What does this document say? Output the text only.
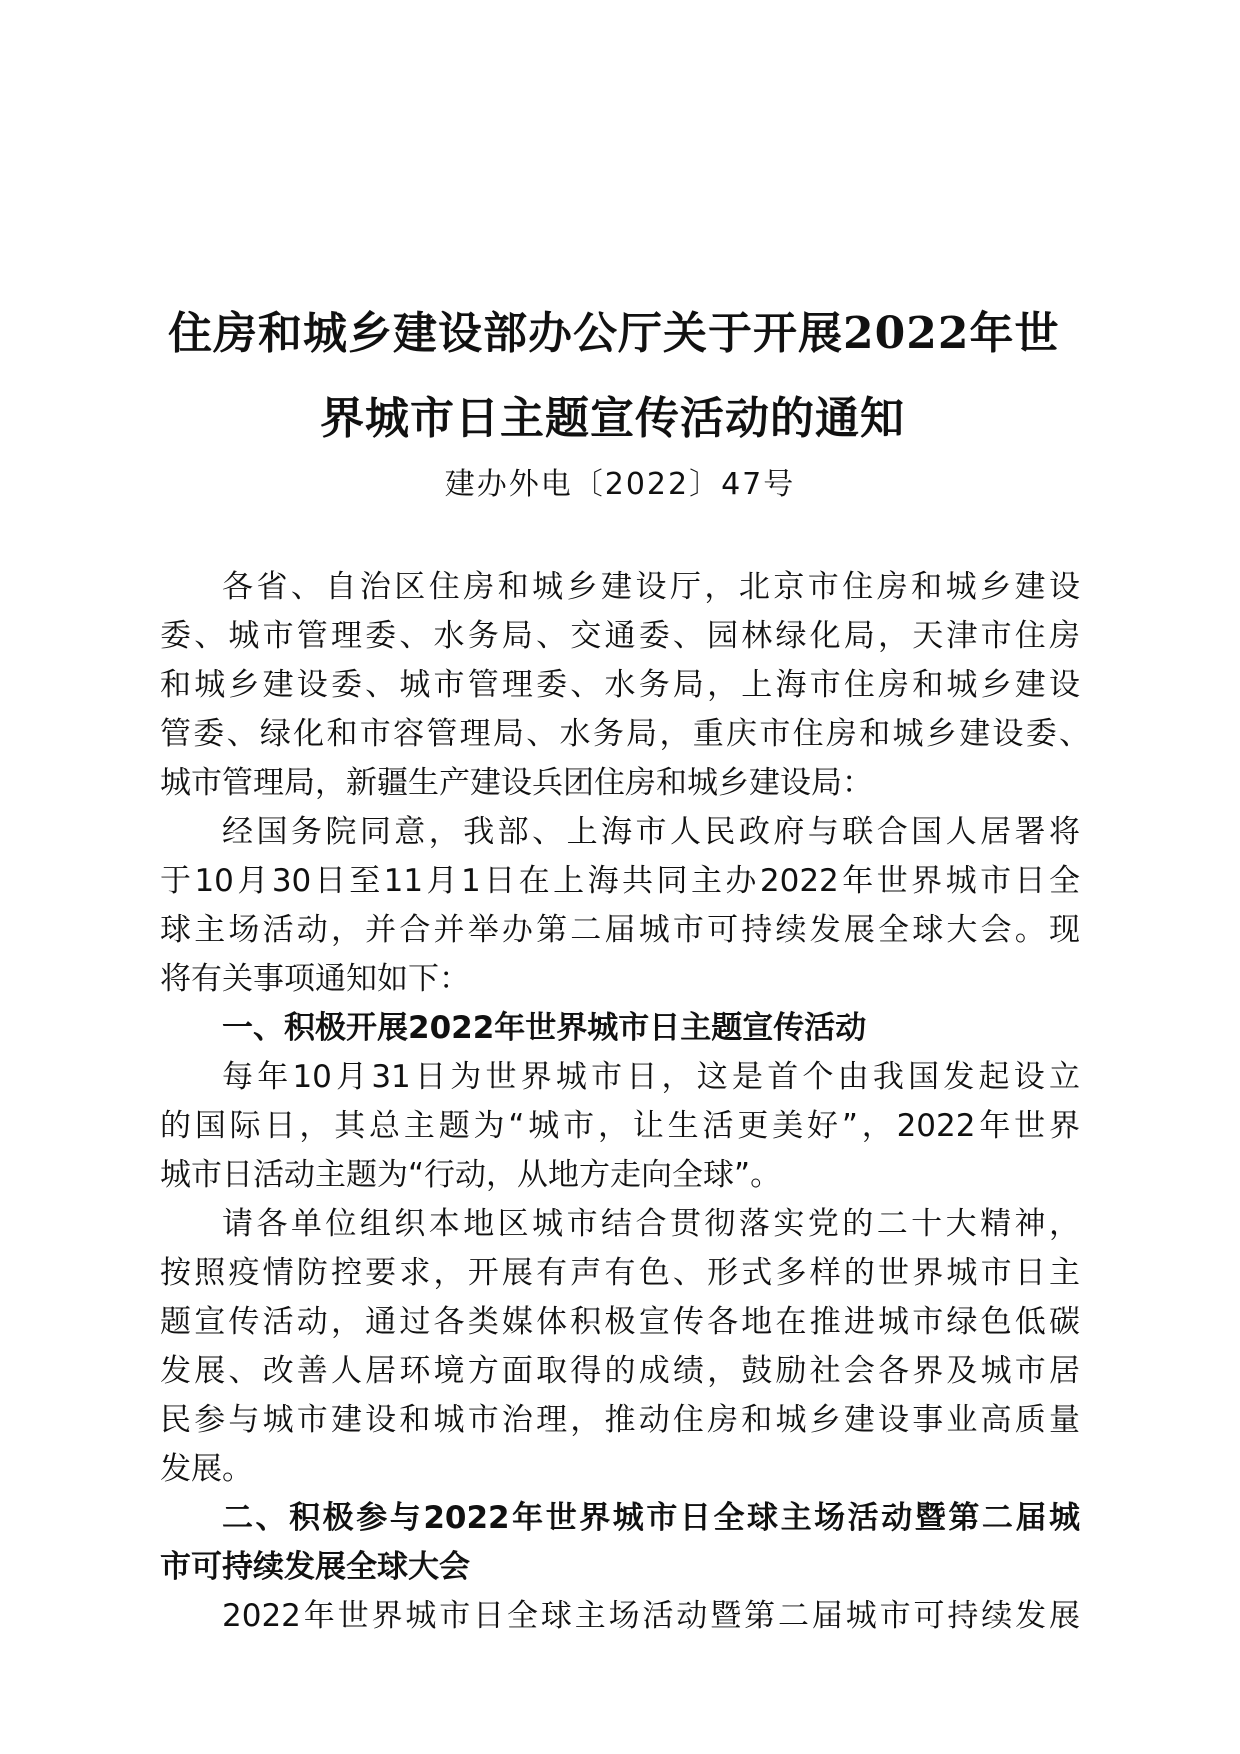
住房和城乡建设部办公厅关于开展2022年世
界城市日主题宣传活动的通知
建办外电〔2022〕47号
各省、自治区住房和城乡建设厅，北京市住房和城乡建设
委、城市管理委、水务局、交通委、园林绿化局，天津市住房
和城乡建设委、城市管理委、水务局，上海市住房和城乡建设
管委、绿化和市容管理局、水务局，重庆市住房和城乡建设委、
城市管理局，新疆生产建设兵团住房和城乡建设局：
经国务院同意，我部、上海市人民政府与联合国人居署将
于10月30日至11月1日在上海共同主办2022年世界城市日全
球主场活动，并合并举办第二届城市可持续发展全球大会。现
将有关事项通知如下：
一、积极开展2022年世界城市日主题宣传活动
每年10月31日为世界城市日，这是首个由我国发起设立
的国际日，其总主题为“城市，让生活更美好”，2022年世界
城市日活动主题为“行动，从地方走向全球”。
请各单位组织本地区城市结合贯彻落实党的二十大精神，
按照疫情防控要求，开展有声有色、形式多样的世界城市日主
题宣传活动，通过各类媒体积极宣传各地在推进城市绿色低碳
发展、改善人居环境方面取得的成绩，鼓励社会各界及城市居
民参与城市建设和城市治理，推动住房和城乡建设事业高质量
发展。
二、积极参与2022年世界城市日全球主场活动暨第二届城
市可持续发展全球大会
2022年世界城市日全球主场活动暨第二届城市可持续发展
